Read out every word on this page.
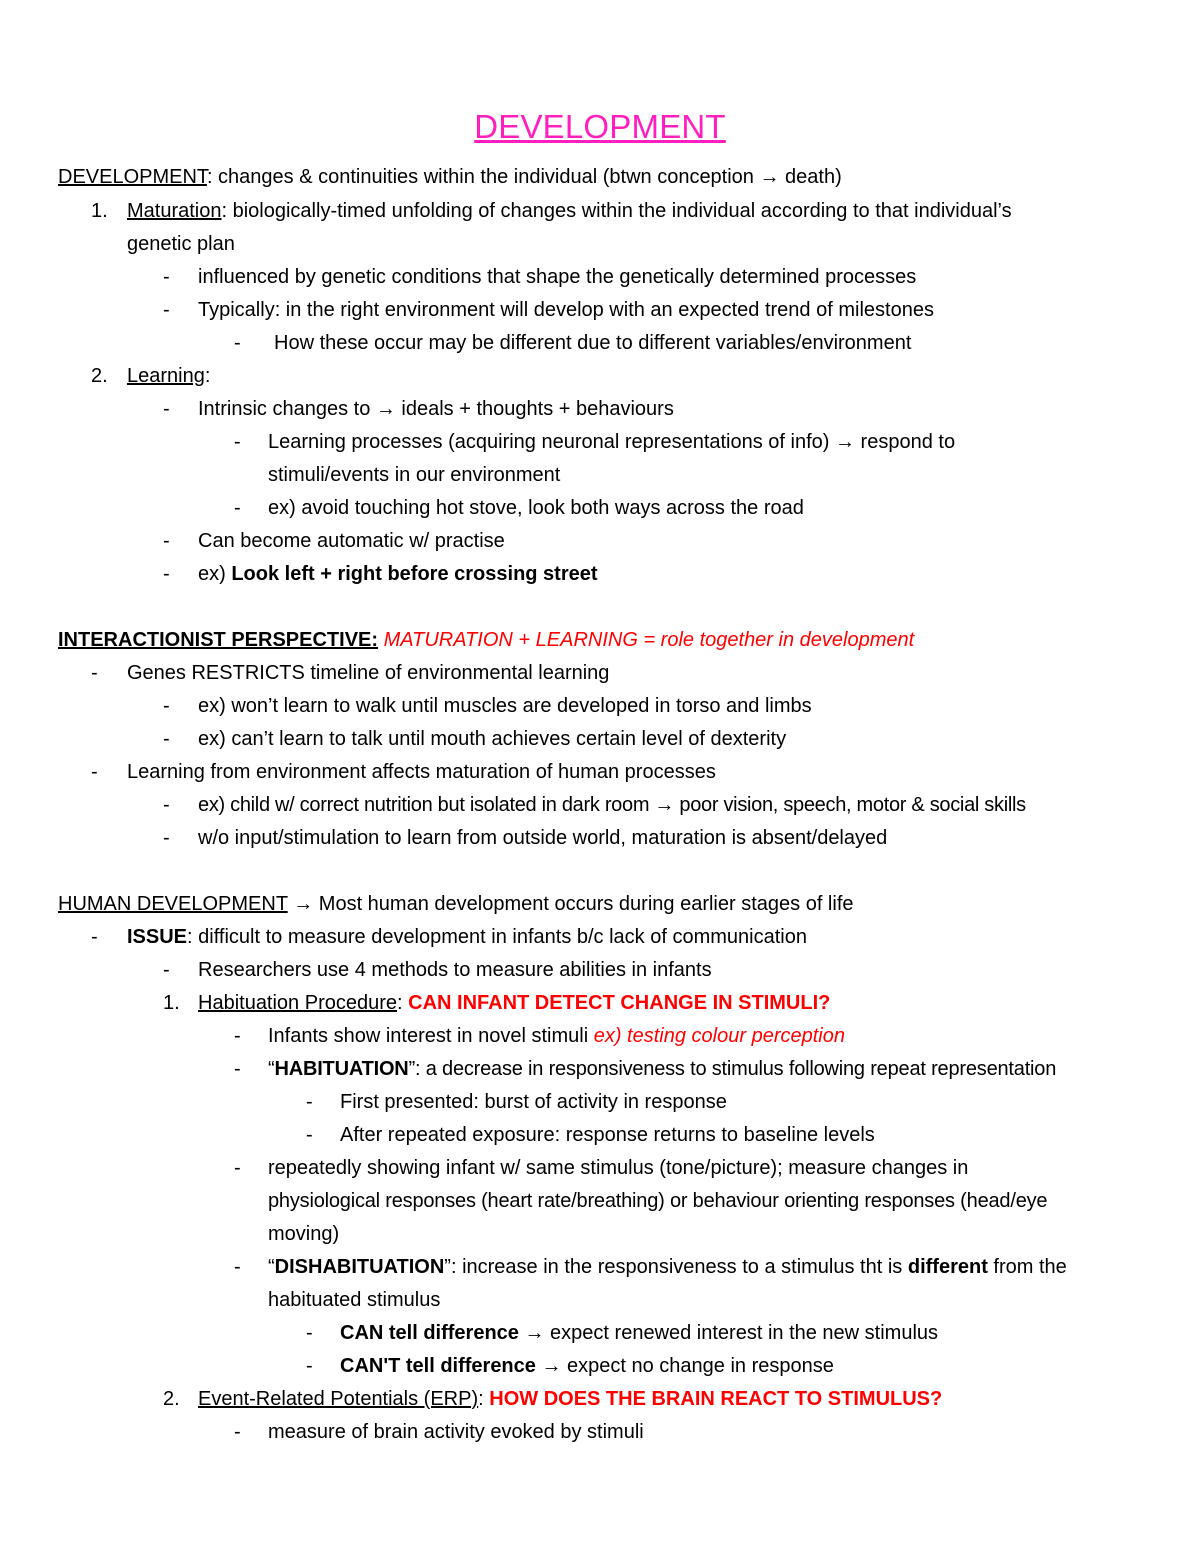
DEVELOPMENT
DEVELOPMENT: changes & continuities within the individual (btwn conception → death)
1. Maturation: biologically-timed unfolding of changes within the individual according to that individual’s
genetic plan
- influenced by genetic conditions that shape the genetically determined processes
- Typically: in the right environment will develop with an expected trend of milestones
- How these occur may be different due to different variables/environment
2. Learning:
- Intrinsic changes to → ideals + thoughts + behaviours
- Learning processes (acquiring neuronal representations of info) → respond to
stimuli/events in our environment
- ex) avoid touching hot stove, look both ways across the road
- Can become automatic w/ practise
- ex) Look left + right before crossing street
INTERACTIONIST PERSPECTIVE: MATURATION + LEARNING = role together in development
- Genes RESTRICTS timeline of environmental learning
- ex) won’t learn to walk until muscles are developed in torso and limbs
- ex) can’t learn to talk until mouth achieves certain level of dexterity
- Learning from environment affects maturation of human processes
- ex) child w/ correct nutrition but isolated in dark room → poor vision, speech, motor & social skills
- w/o input/stimulation to learn from outside world, maturation is absent/delayed
HUMAN DEVELOPMENT → Most human development occurs during earlier stages of life
- ISSUE: difficult to measure development in infants b/c lack of communication
- Researchers use 4 methods to measure abilities in infants
1. Habituation Procedure: CAN INFANT DETECT CHANGE IN STIMULI?
- Infants show interest in novel stimuli ex) testing colour perception
- “HABITUATION”: a decrease in responsiveness to stimulus following repeat representation
- First presented: burst of activity in response
- After repeated exposure: response returns to baseline levels
- repeatedly showing infant w/ same stimulus (tone/picture); measure changes in
physiological responses (heart rate/breathing) or behaviour orienting responses (head/eye
moving)
- “DISHABITUATION”: increase in the responsiveness to a stimulus tht is different from the
habituated stimulus
- CAN tell difference → expect renewed interest in the new stimulus
- CAN'T tell difference → expect no change in response
2. Event-Related Potentials (ERP): HOW DOES THE BRAIN REACT TO STIMULUS?
- measure of brain activity evoked by stimuli
